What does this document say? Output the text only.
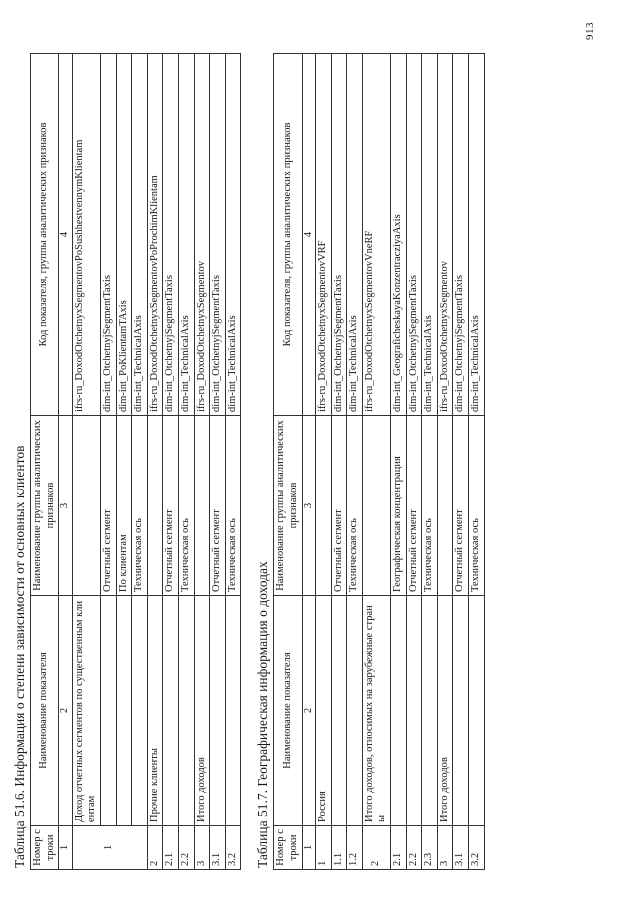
913
Таблица 51.6. Информация о степени зависимости от основных клиентов Номер строки	Наименование показателя	Наименование группы аналитических признаков	Код показателя, группы аналитических признаков
1	2	3	4
1	Доход отчетных сегментов по существенным клиентам		ifrs-ru_DoxodOtchetnyxSegmentovPoSushhestvennymKlientam
		Отчетный сегмент	dim-int_OtchetnyjSegmentTaxis
		По клиентам	dim-int_PoKlientamTAxis
		Техническая ось	dim-int_TechnicalAxis
2	Прочие клиенты		ifrs-ru_DoxodOtchetnyxSegmentovPoProchimKlientam
2.1		Отчетный сегмент	dim-int_OtchetnyjSegmentTaxis
2.2		Техническая ось	dim-int_TechnicalAxis
3	Итого доходов		ifrs-ru_DoxodOtchetnyxSegmentov
3.1		Отчетный сегмент	dim-int_OtchetnyjSegmentTaxis
3.2		Техническая ось	dim-int_TechnicalAxis
Таблица 51.7. Географическая информация о доходах Номер строки	Наименование показателя	Наименование группы аналитических признаков	Код показателя, группы аналитических признаков
1	2	3	4
1	Россия		ifrs-ru_DoxodOtchetnyxSegmentovVRF
1.1		Отчетный сегмент	dim-int_OtchetnyjSegmentTaxis
1.2		Техническая ось	dim-int_TechnicalAxis
2	Итого доходов, относимых на зарубежные страны		ifrs-ru_DoxodOtchetnyxSegmentovVneRF
2.1		Географическая концентрация	dim-int_GeograficheskayaKonzentracziyaAxis
2.2		Отчетный сегмент	dim-int_OtchetnyjSegmentTaxis
2.3		Техническая ось	dim-int_TechnicalAxis
3	Итого доходов		ifrs-ru_DoxodOtchetnyxSegmentov
3.1		Отчетный сегмент	dim-int_OtchetnyjSegmentTaxis
3.2		Техническая ось	dim-int_TechnicalAxis
